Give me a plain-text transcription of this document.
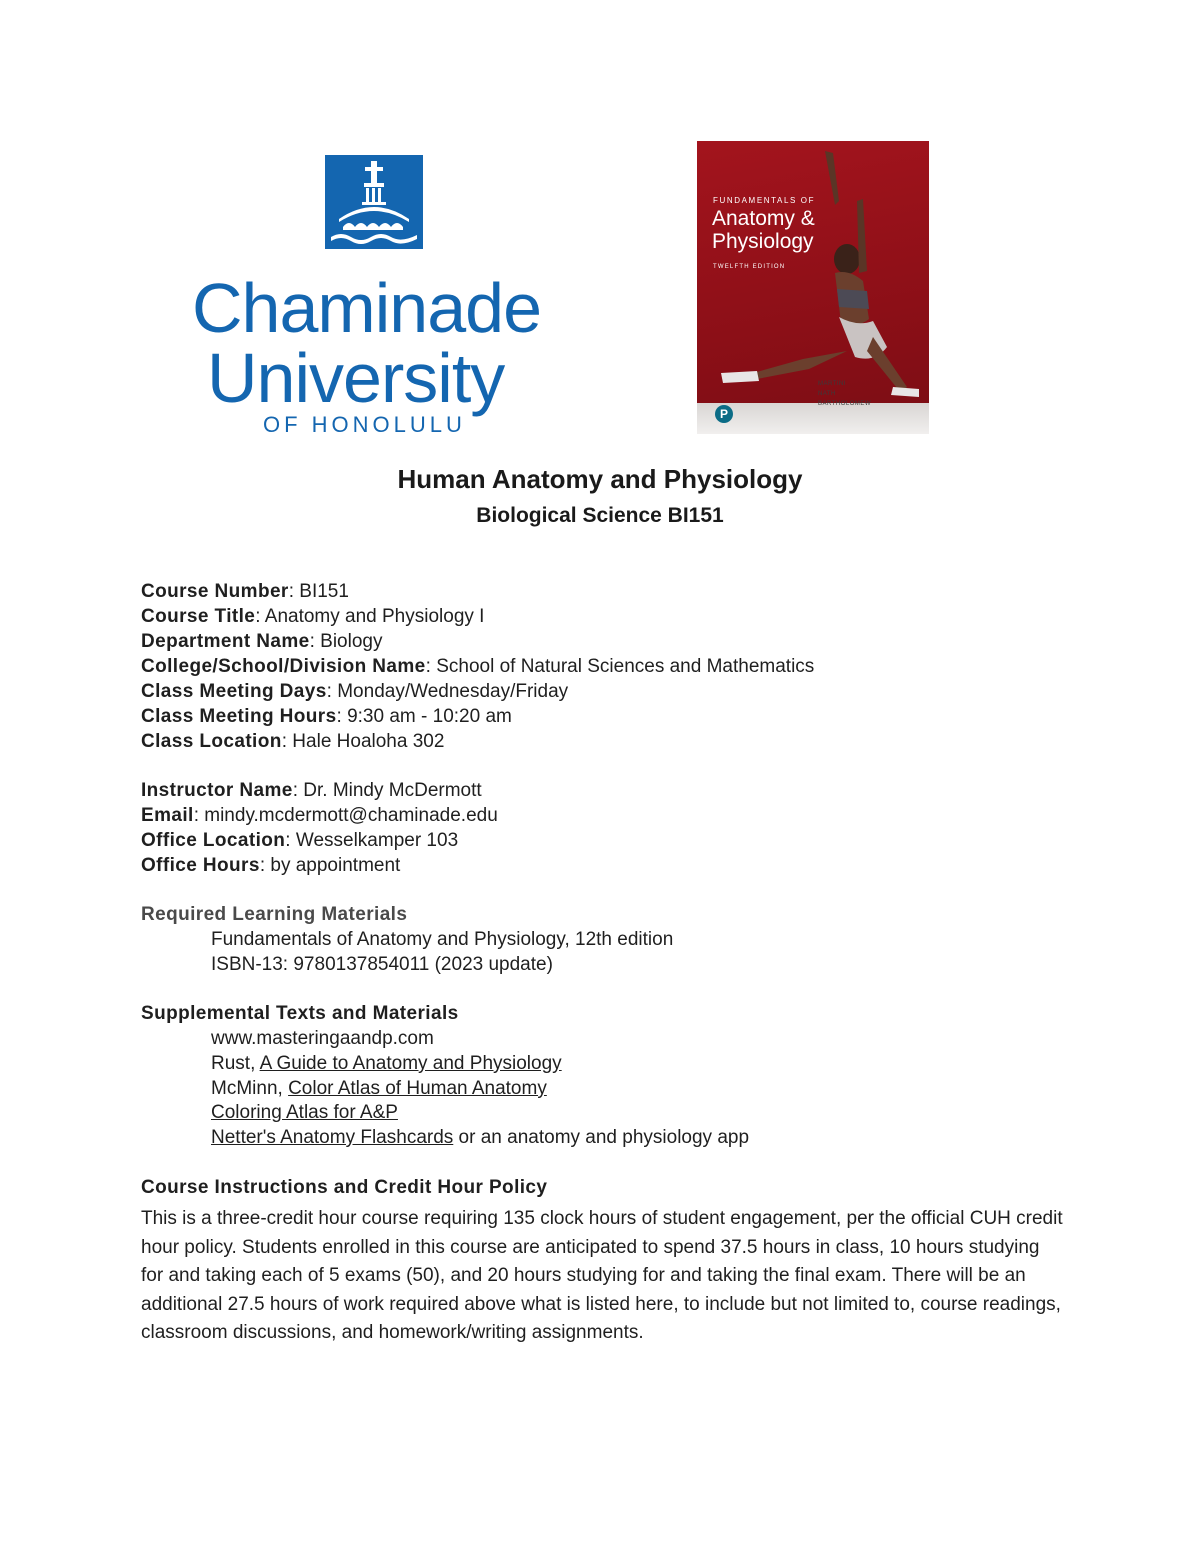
Chaminade
University
OF HONOLULU
FUNDAMENTALS OF
Anatomy &
Physiology
TWELFTH EDITION
MARTINI
NATH
BARTHOLOMEW
P
Human Anatomy and Physiology
Biological Science BI151
Course Number: BI151
Course Title: Anatomy and Physiology I
Department Name: Biology
College/School/Division Name: School of Natural Sciences and Mathematics
Class Meeting Days: Monday/Wednesday/Friday
Class Meeting Hours: 9:30 am - 10:20 am
Class Location: Hale Hoaloha 302
Instructor Name: Dr. Mindy McDermott
Email: mindy.mcdermott@chaminade.edu
Office Location: Wesselkamper 103
Office Hours: by appointment
Required Learning Materials
Fundamentals of Anatomy and Physiology, 12th edition
ISBN-13: 9780137854011 (2023 update)
Supplemental Texts and Materials
www.masteringaandp.com
Rust, A Guide to Anatomy and Physiology
McMinn, Color Atlas of Human Anatomy
Coloring Atlas for A&P
Netter's Anatomy Flashcards or an anatomy and physiology app
Course Instructions and Credit Hour Policy
This is a three-credit hour course requiring 135 clock hours of student engagement, per the official CUH credit hour policy. Students enrolled in this course are anticipated to spend 37.5 hours in class, 10 hours studying for and taking each of 5 exams (50), and 20 hours studying for and taking the final exam. There will be an additional 27.5 hours of work required above what is listed here, to include but not limited to, course readings, classroom discussions, and homework/writing assignments.
